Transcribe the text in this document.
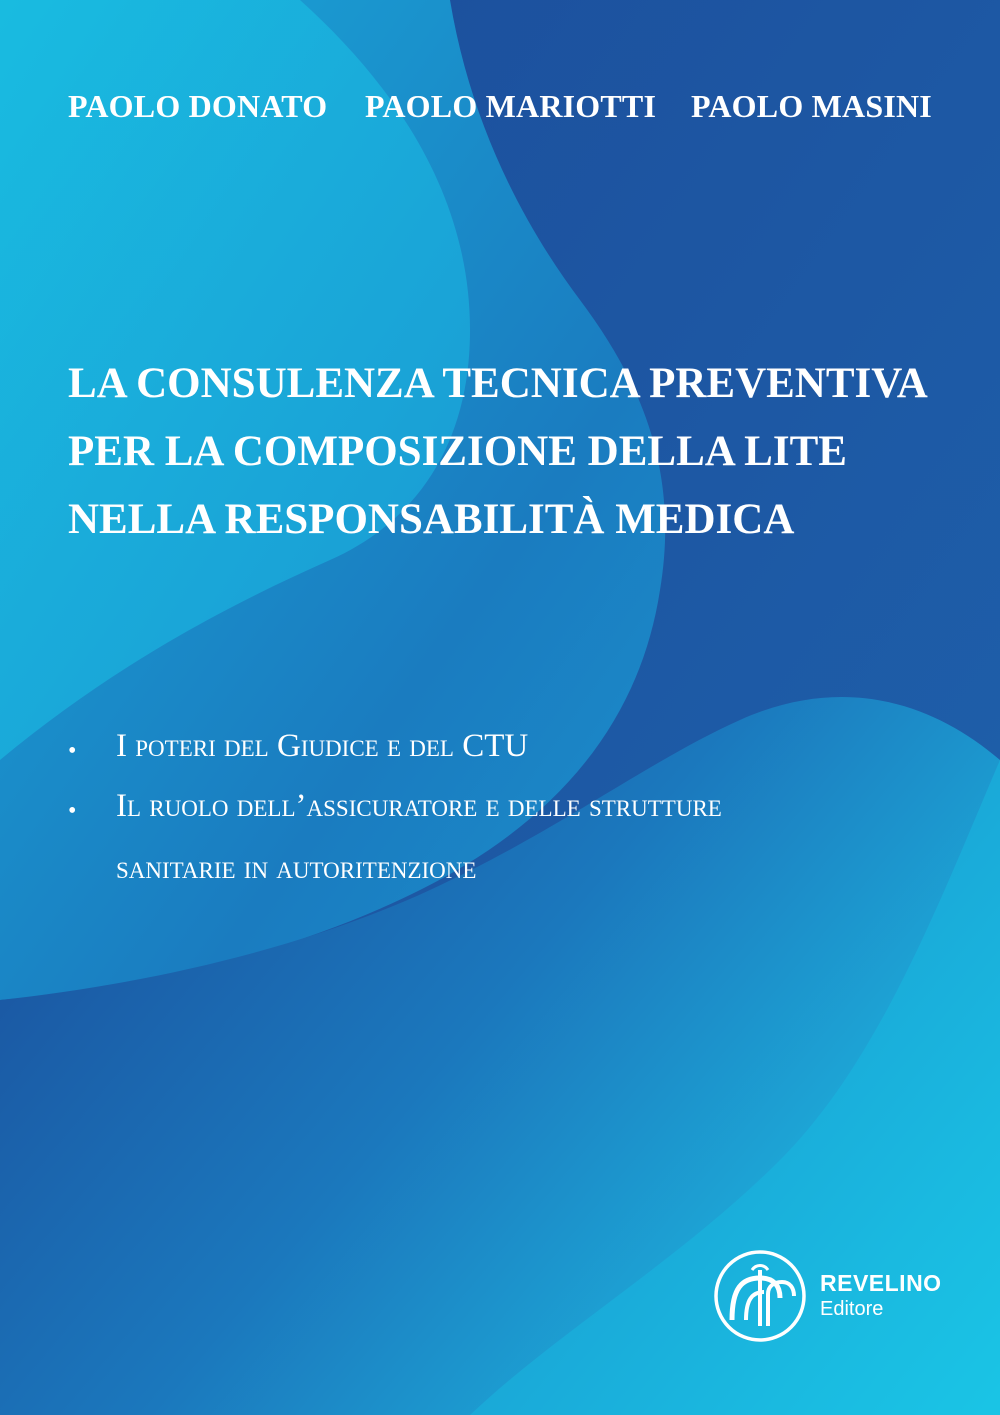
PAOLO DONATO PAOLO MARIOTTI PAOLO MASINI
LA CONSULENZA TECNICA PREVENTIVA
PER LA COMPOSIZIONE DELLA LITE
NELLA RESPONSABILITÀ MEDICA
• I poteri del Giudice e del CTU
• Il ruolo dell’assicuratore e delle strutture
sanitarie in autoritenzione
REVELINO
Editore
